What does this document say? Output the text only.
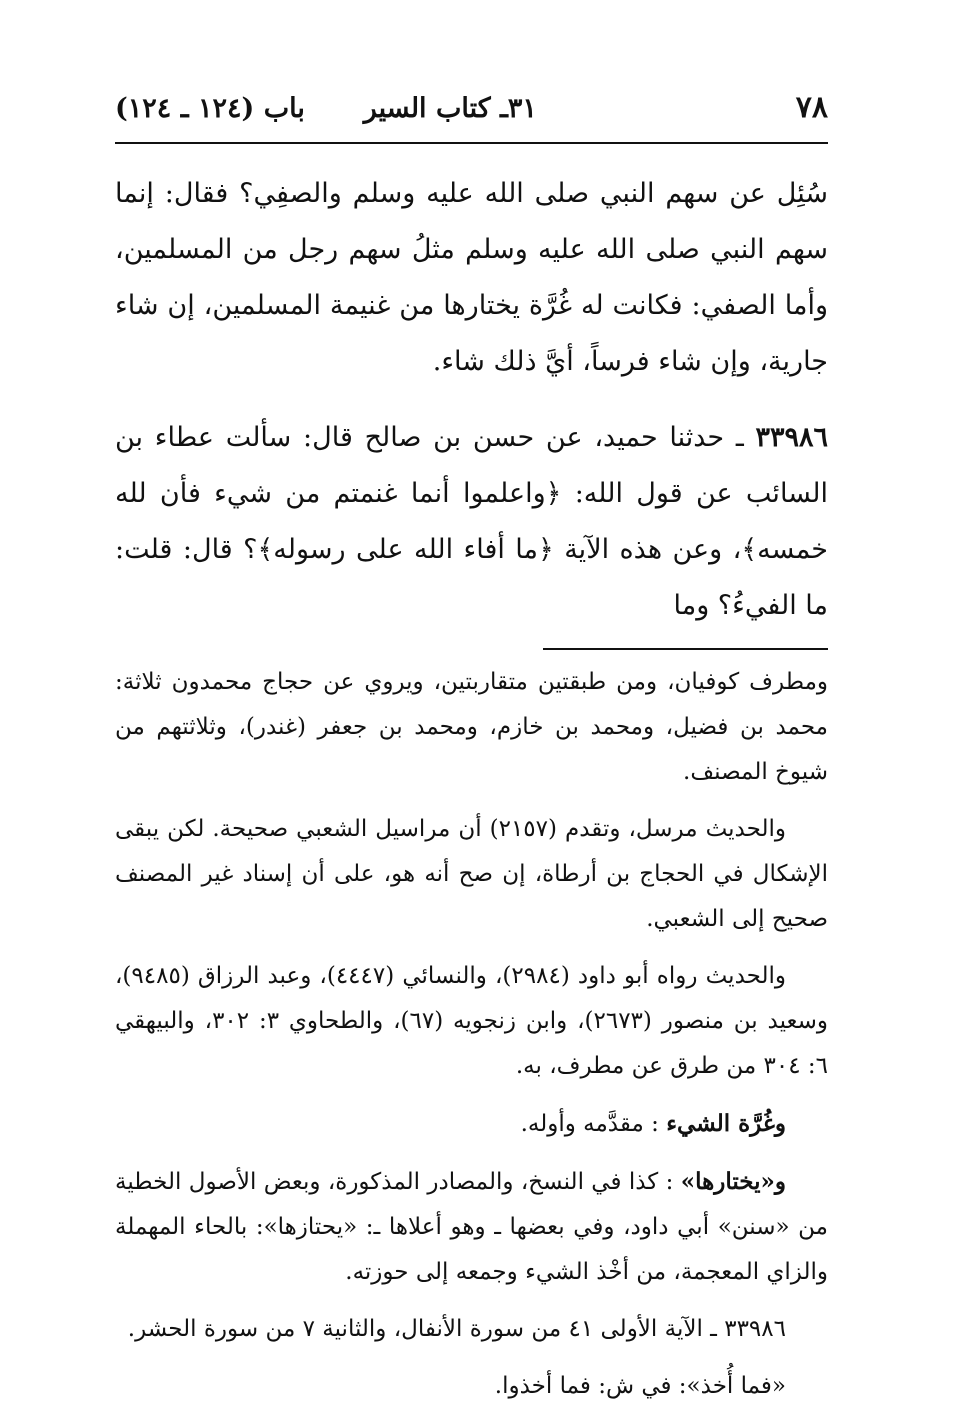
٧٨
٣١ـ كتاب السير
باب (١٢٤ ـ ١٢٤)

سُئِل عن سهم النبي صلى الله عليه وسلم والصفِي؟ فقال: إنما سهم النبي صلى الله عليه وسلم مثلُ سهم رجل من المسلمين، وأما الصفي: فكانت له غُرَّة يختارها من غنيمة المسلمين، إن شاء جارية، وإن شاء فرساً، أيَّ ذلك شاء.

٣٣٩٨٦ ـ حدثنا حميد، عن حسن بن صالح قال: سألت عطاء بن السائب عن قول الله: ﴿واعلموا أنما غنمتم من شيء فأن لله خمسه﴾، وعن هذه الآية ﴿ما أفاء الله على رسوله﴾؟ قال: قلت: ما الفيءُ؟ وما

ومطرف كوفيان، ومن طبقتين متقاربتين، ويروي عن حجاج محمدون ثلاثة: محمد بن فضيل، ومحمد بن خازم، ومحمد بن جعفر (غندر)، وثلاثتهم من شيوخ المصنف.

والحديث مرسل، وتقدم (٢١٥٧) أن مراسيل الشعبي صحيحة. لكن يبقى الإشكال في الحجاج بن أرطاة، إن صح أنه هو، على أن إسناد غير المصنف صحيح إلى الشعبي.

والحديث رواه أبو داود (٢٩٨٤)، والنسائي (٤٤٤٧)، وعبد الرزاق (٩٤٨٥)، وسعيد بن منصور (٢٦٧٣)، وابن زنجويه (٦٧)، والطحاوي ٣: ٣٠٢، والبيهقي ٦: ٣٠٤ من طرق عن مطرف، به.

وغُرَّة الشيء : مقدَّمه وأوله.

و«يختارها» : كذا في النسخ، والمصادر المذكورة، وبعض الأصول الخطية من «سنن» أبي داود، وفي بعضها ـ وهو أعلاها ـ: «يحتازها»: بالحاء المهملة والزاي المعجمة، من أخْذ الشيء وجمعه إلى حوزته.

٣٣٩٨٦ ـ الآية الأولى ٤١ من سورة الأنفال، والثانية ٧ من سورة الحشر.

«فما أُخذ»: في ش: فما أخذوا.
